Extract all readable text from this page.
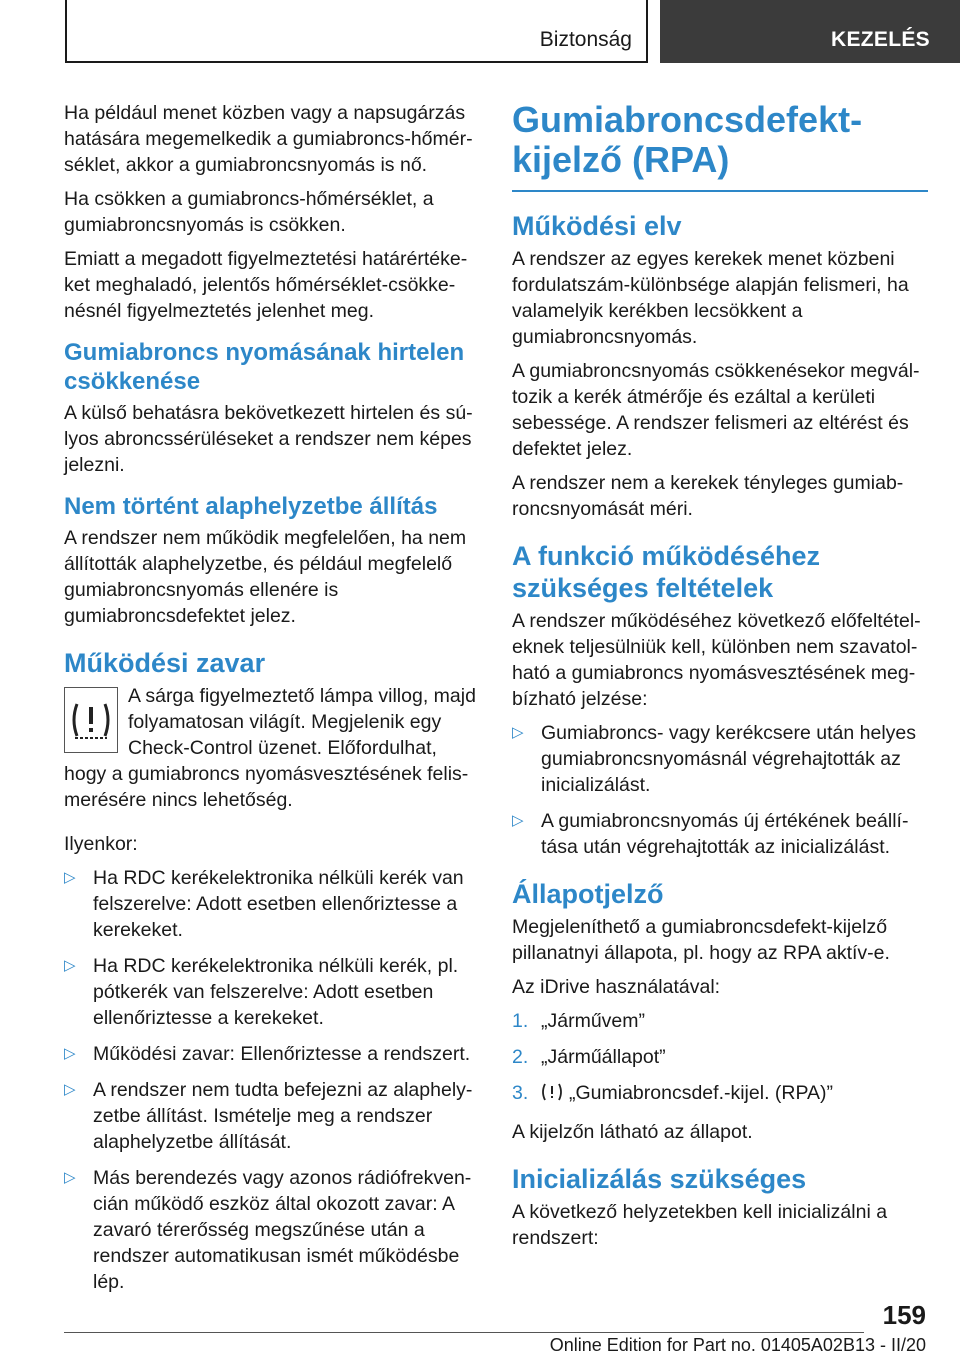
Biztonság	KEZELÉS

Ha például menet közben vagy a napsugárzás hatására megemelkedik a gumiabroncs-hőmérséklet, akkor a gumiabroncsnyomás is nő.

Ha csökken a gumiabroncs-hőmérséklet, a gumiabroncsnyomás is csökken.

Emiatt a megadott figyelmeztetési határértékeket meghaladó, jelentős hőmérséklet-csökkenésnél figyelmeztetés jelenhet meg.

Gumiabroncs nyomásának hirtelen csökkenése

A külső behatásra bekövetkezett hirtelen és súlyos abroncssérüléseket a rendszer nem képes jelezni.

Nem történt alaphelyzetbe állítás

A rendszer nem működik megfelelően, ha nem állították alaphelyzetbe, és például megfelelő gumiabroncsnyomás ellenére is gumiabroncsdefektet jelez.

Működési zavar

A sárga figyelmeztető lámpa villog, majd folyamatosan világít. Megjelenik egy Check-Control üzenet. Előfordulhat, hogy a gumiabroncs nyomásvesztésének felismerésére nincs lehetőség.

Ilyenkor:

▷ Ha RDC kerékelektronika nélküli kerék van felszerelve: Adott esetben ellenőriztesse a kerekeket.
▷ Ha RDC kerékelektronika nélküli kerék, pl. pótkerék van felszerelve: Adott esetben ellenőriztesse a kerekeket.
▷ Működési zavar: Ellenőriztesse a rendszert.
▷ A rendszer nem tudta befejezni az alaphelyzetbe állítást. Ismételje meg a rendszer alaphelyzetbe állítását.
▷ Más berendezés vagy azonos rádiófrekvencián működő eszköz által okozott zavar: A zavaró térerősség megszűnése után a rendszer automatikusan ismét működésbe lép.
Gumiabroncsdefekt-kijelző (RPA)
Működési elv

A rendszer az egyes kerekek menet közbeni fordulatszám-különbsége alapján felismeri, ha valamelyik kerékben lecsökkent a gumiabroncsnyomás.

A gumiabroncsnyomás csökkenésekor megváltozik a kerék átmérője és ezáltal a kerületi sebessége. A rendszer felismeri az eltérést és defektet jelez.

A rendszer nem a kerekek tényleges gumiabroncsnyomását méri.

A funkció működéséhez szükséges feltételek

A rendszer működéséhez következő előfeltételeknek teljesülniük kell, különben nem szavatolható a gumiabroncs nyomásvesztésének megbízható jelzése:

▷ Gumiabroncs- vagy kerékcsere után helyes gumiabroncsnyomásnál végrehajtották az inicializálást.
▷ A gumiabroncsnyomás új értékének beállítása után végrehajtották az inicializálást.
Állapotjelző

Megjeleníthető a gumiabroncsdefekt-kijelző pillanatnyi állapota, pl. hogy az RPA aktív-e.

Az iDrive használatával:

1. „Járművem”
2. „Járműállapot”
3. „Gumiabroncsdef.-kijel. (RPA)”

A kijelzőn látható az állapot.

Inicializálás szükséges

A következő helyzetekben kell inicializálni a rendszert:

159
Online Edition for Part no. 01405A02B13 - II/20
